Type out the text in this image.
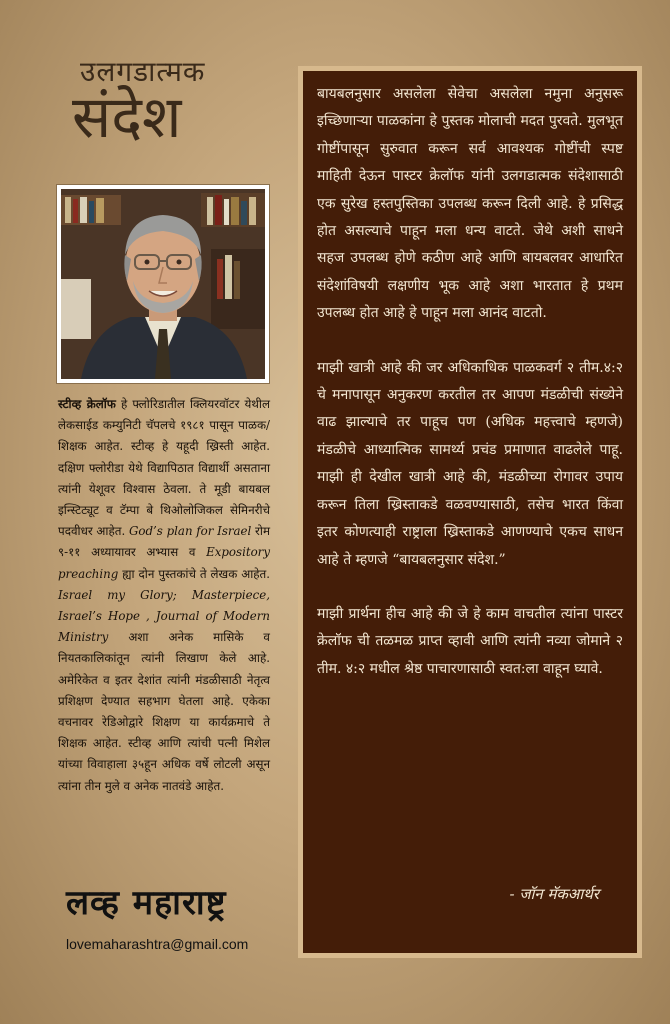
उलगडात्मक
संदेश
स्टीव्ह क्रेलॉफ हे फ्लोरिडातील क्लियरवॉटर येथील लेकसाईड कम्युनिटी चॅपलचे १९८१ पासून पाळक/शिक्षक आहेत. स्टीव्ह हे यहूदी ख्रिस्ती आहेत. दक्षिण फ्लोरीडा येथे विद्यापिठात विद्यार्थी असताना त्यांनी येशूवर विश्वास ठेवला. ते मूडी बायबल इन्स्टिट्यूट व टॅम्पा बे थिओलोजिकल सेमिनरीचे पदवीधर आहेत. God’s plan for Israel रोम ९-११ अध्यायावर अभ्यास व Expository preaching ह्या दोन पुस्तकांचे ते लेखक आहेत. Israel my Glory; Masterpiece, Israel’s Hope , Journal of Modern Ministry अशा अनेक मासिके व नियतकालिकांतून त्यांनी लिखाण केले आहे. अमेरिकेत व इतर देशांत त्यांनी मंडळीसाठी नेतृत्व प्रशिक्षण देण्यात सहभाग घेतला आहे. एकेका वचनावर रेडिओद्वारे शिक्षण या कार्यक्रमाचे ते शिक्षक आहेत. स्टीव्ह आणि त्यांची पत्नी मिशेल यांच्या विवाहाला ३५हून अधिक वर्षे लोटली असून त्यांना तीन मुले व अनेक नातवंडे आहेत.
लव्ह महाराष्ट्र
lovemaharashtra@gmail.com

बायबलनुसार असलेला सेवेचा असलेला नमुना अनुसरू इच्छिणाऱ्या पाळकांना हे पुस्तक मोलाची मदत पुरवते. मुलभूत गोष्टींपासून सुरुवात करून सर्व आवश्यक गोष्टींची स्पष्ट माहिती देऊन पास्टर क्रेलॉफ यांनी उलगडात्मक संदेशासाठी एक सुरेख हस्तपुस्तिका उपलब्ध करून दिली आहे. हे प्रसिद्ध होत असल्याचे पाहून मला धन्य वाटते. जेथे अशी साधने सहज उपलब्ध होणे कठीण आहे आणि बायबलवर आधारित संदेशांविषयी लक्षणीय भूक आहे अशा भारतात हे प्रथम उपलब्ध होत आहे हे पाहून मला आनंद वाटतो.

माझी खात्री आहे की जर अधिकाधिक पाळकवर्ग २ तीम.४:२ चे मनापासून अनुकरण करतील तर आपण मंडळीची संख्येने वाढ झाल्याचे तर पाहूच पण (अधिक महत्त्वाचे म्हणजे) मंडळीचे आध्यात्मिक सामर्थ्य प्रचंड प्रमाणात वाढलेले पाहू. माझी ही देखील खात्री आहे की, मंडळीच्या रोगावर उपाय करून तिला ख्रिस्ताकडे वळवण्यासाठी, तसेच भारत किंवा इतर कोणत्याही राष्ट्राला ख्रिस्ताकडे आणण्याचे एकच साधन आहे ते म्हणजे “बायबलनुसार संदेश.”

माझी प्रार्थना हीच आहे की जे हे काम वाचतील त्यांना पास्टर क्रेलॉफ ची तळमळ प्राप्त व्हावी आणि त्यांनी नव्या जोमाने २ तीम. ४:२ मधील श्रेष्ठ पाचारणासाठी स्वत:ला वाहून घ्यावे.

- जॉन मॅकआर्थर
